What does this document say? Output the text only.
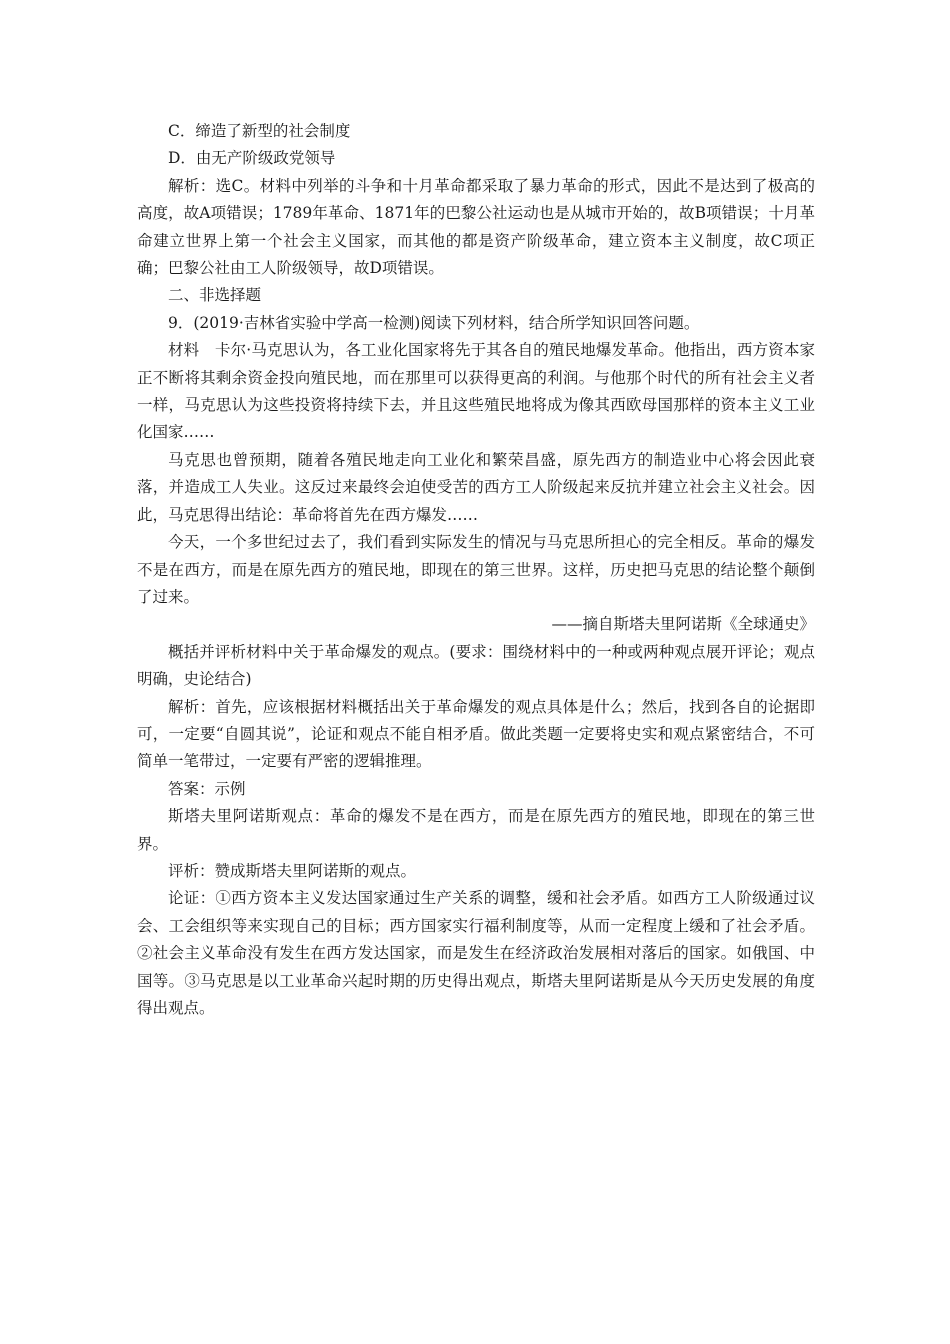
C．缔造了新型的社会制度

D．由无产阶级政党领导

解析：选C。材料中列举的斗争和十月革命都采取了暴力革命的形式，因此不是达到了极高的高度，故A项错误；1789年革命、1871年的巴黎公社运动也是从城市开始的，故B项错误；十月革命建立世界上第一个社会主义国家，而其他的都是资产阶级革命，建立资本主义制度，故C项正确；巴黎公社由工人阶级领导，故D项错误。

二、非选择题

9．(2019·吉林省实验中学高一检测)阅读下列材料，结合所学知识回答问题。

材料　卡尔·马克思认为，各工业化国家将先于其各自的殖民地爆发革命。他指出，西方资本家正不断将其剩余资金投向殖民地，而在那里可以获得更高的利润。与他那个时代的所有社会主义者一样，马克思认为这些投资将持续下去，并且这些殖民地将成为像其西欧母国那样的资本主义工业化国家……

马克思也曾预期，随着各殖民地走向工业化和繁荣昌盛，原先西方的制造业中心将会因此衰落，并造成工人失业。这反过来最终会迫使受苦的西方工人阶级起来反抗并建立社会主义社会。因此，马克思得出结论：革命将首先在西方爆发……

今天，一个多世纪过去了，我们看到实际发生的情况与马克思所担心的完全相反。革命的爆发不是在西方，而是在原先西方的殖民地，即现在的第三世界。这样，历史把马克思的结论整个颠倒了过来。

——摘自斯塔夫里阿诺斯《全球通史》

概括并评析材料中关于革命爆发的观点。(要求：围绕材料中的一种或两种观点展开评论；观点明确，史论结合)

解析：首先，应该根据材料概括出关于革命爆发的观点具体是什么；然后，找到各自的论据即可，一定要“自圆其说”，论证和观点不能自相矛盾。做此类题一定要将史实和观点紧密结合，不可简单一笔带过，一定要有严密的逻辑推理。

答案：示例

斯塔夫里阿诺斯观点：革命的爆发不是在西方，而是在原先西方的殖民地，即现在的第三世界。

评析：赞成斯塔夫里阿诺斯的观点。

论证：①西方资本主义发达国家通过生产关系的调整，缓和社会矛盾。如西方工人阶级通过议会、工会组织等来实现自己的目标；西方国家实行福利制度等，从而一定程度上缓和了社会矛盾。②社会主义革命没有发生在西方发达国家，而是发生在经济政治发展相对落后的国家。如俄国、中国等。③马克思是以工业革命兴起时期的历史得出观点，斯塔夫里阿诺斯是从今天历史发展的角度得出观点。
